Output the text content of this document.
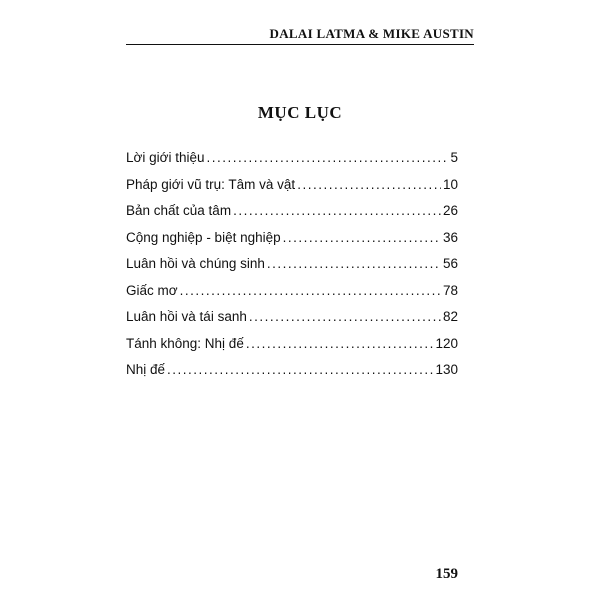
DALAI LATMA & MIKE AUSTIN
MỤC LỤC
Lời giới thiệu .....	5
Pháp giới vũ trụ: Tâm và vật .....	10
Bản chất của tâm .....	26
Cộng nghiệp - biệt nghiệp .....	36
Luân hồi và chúng sinh .....	56
Giấc mơ .....	78
Luân hồi và tái sanh .....	82
Tánh không: Nhị đế .....	120
Nhị đế .....	130
159
